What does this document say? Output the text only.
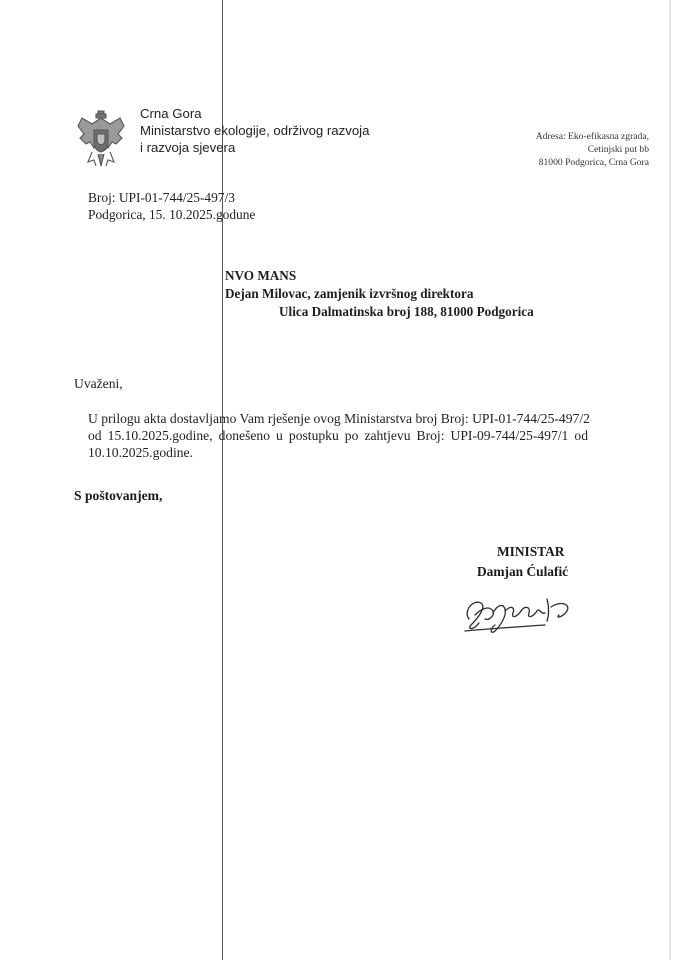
Crna Gora
Ministarstvo ekologije, održivog razvoja
i razvoja sjevera
Adresa: Eko-efikasna zgrada,
Cetinjski put bb
81000 Podgorica, Crna Gora
Broj: UPI-01-744/25-497/3
Podgorica, 15. 10.2025.godune
NVO MANS
Dejan Milovac, zamjenik izvršnog direktora
Ulica Dalmatinska broj 188, 81000 Podgorica
Uvaženi,
U prilogu akta dostavljamo Vam rješenje ovog Ministarstva broj Broj: UPI-01-744/25-497/2
od 15.10.2025.godine, donešeno u postupku po zahtjevu Broj: UPI-09-744/25-497/1 od
10.10.2025.godine.
S poštovanjem,
MINISTAR
Damjan Ćulafić
